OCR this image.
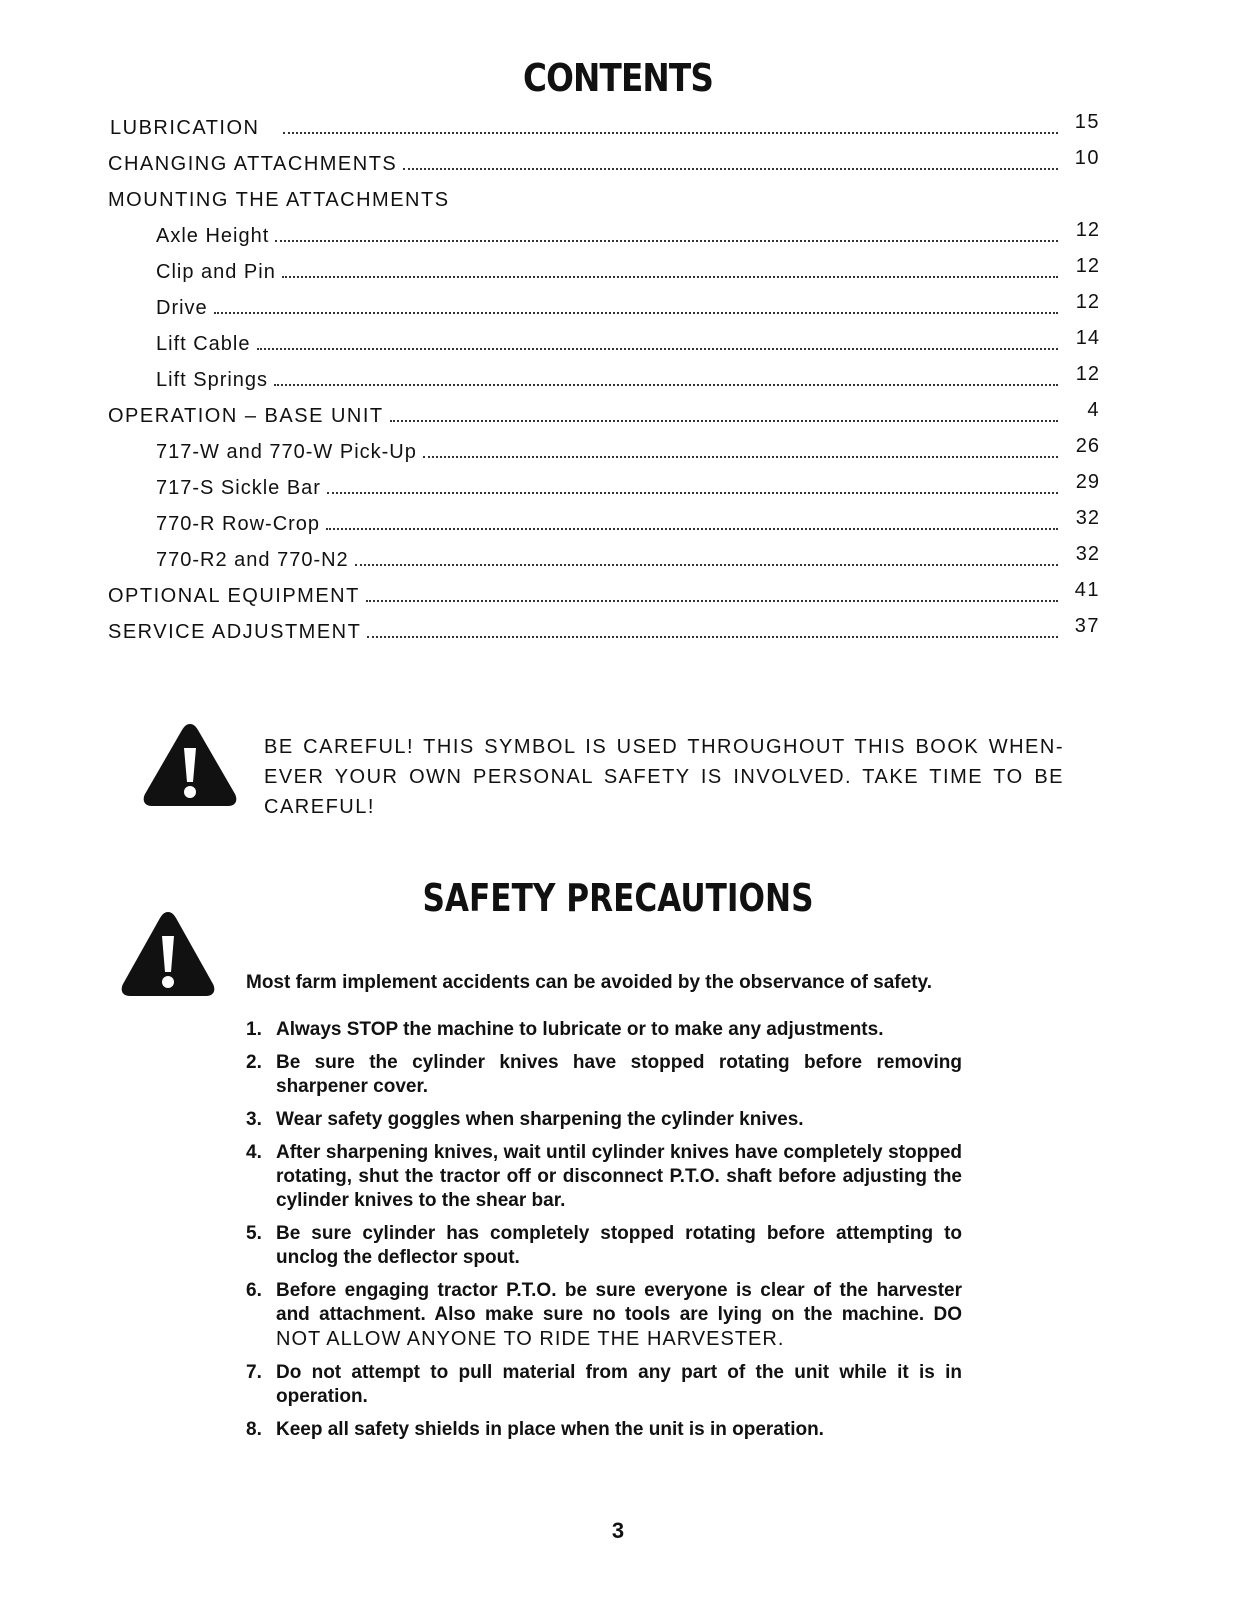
CONTENTS
LUBRICATION	15
CHANGING ATTACHMENTS	10
MOUNTING THE ATTACHMENTS
Axle Height	12
Clip and Pin	12
Drive	12
Lift Cable	14
Lift Springs	12
OPERATION – BASE UNIT	4
717-W and 770-W Pick-Up	26
717-S Sickle Bar	29
770-R Row-Crop	32
770-R2 and 770-N2	32
OPTIONAL EQUIPMENT	41
SERVICE ADJUSTMENT	37
BE CAREFUL! THIS SYMBOL IS USED THROUGHOUT THIS BOOK WHEN-EVER YOUR OWN PERSONAL SAFETY IS INVOLVED. TAKE TIME TO BE CAREFUL!
SAFETY PRECAUTIONS
Most farm implement accidents can be avoided by the observance of safety.
1. Always STOP the machine to lubricate or to make any adjustments.
2. Be sure the cylinder knives have stopped rotating before removing sharpener cover.
3. Wear safety goggles when sharpening the cylinder knives.
4. After sharpening knives, wait until cylinder knives have completely stopped rotating, shut the tractor off or disconnect P.T.O. shaft before adjusting the cylinder knives to the shear bar.
5. Be sure cylinder has completely stopped rotating before attempting to unclog the deflector spout.
6. Before engaging tractor P.T.O. be sure everyone is clear of the harvester and attachment. Also make sure no tools are lying on the machine. DO NOT ALLOW ANYONE TO RIDE THE HARVESTER.
7. Do not attempt to pull material from any part of the unit while it is in operation.
8. Keep all safety shields in place when the unit is in operation.
3
